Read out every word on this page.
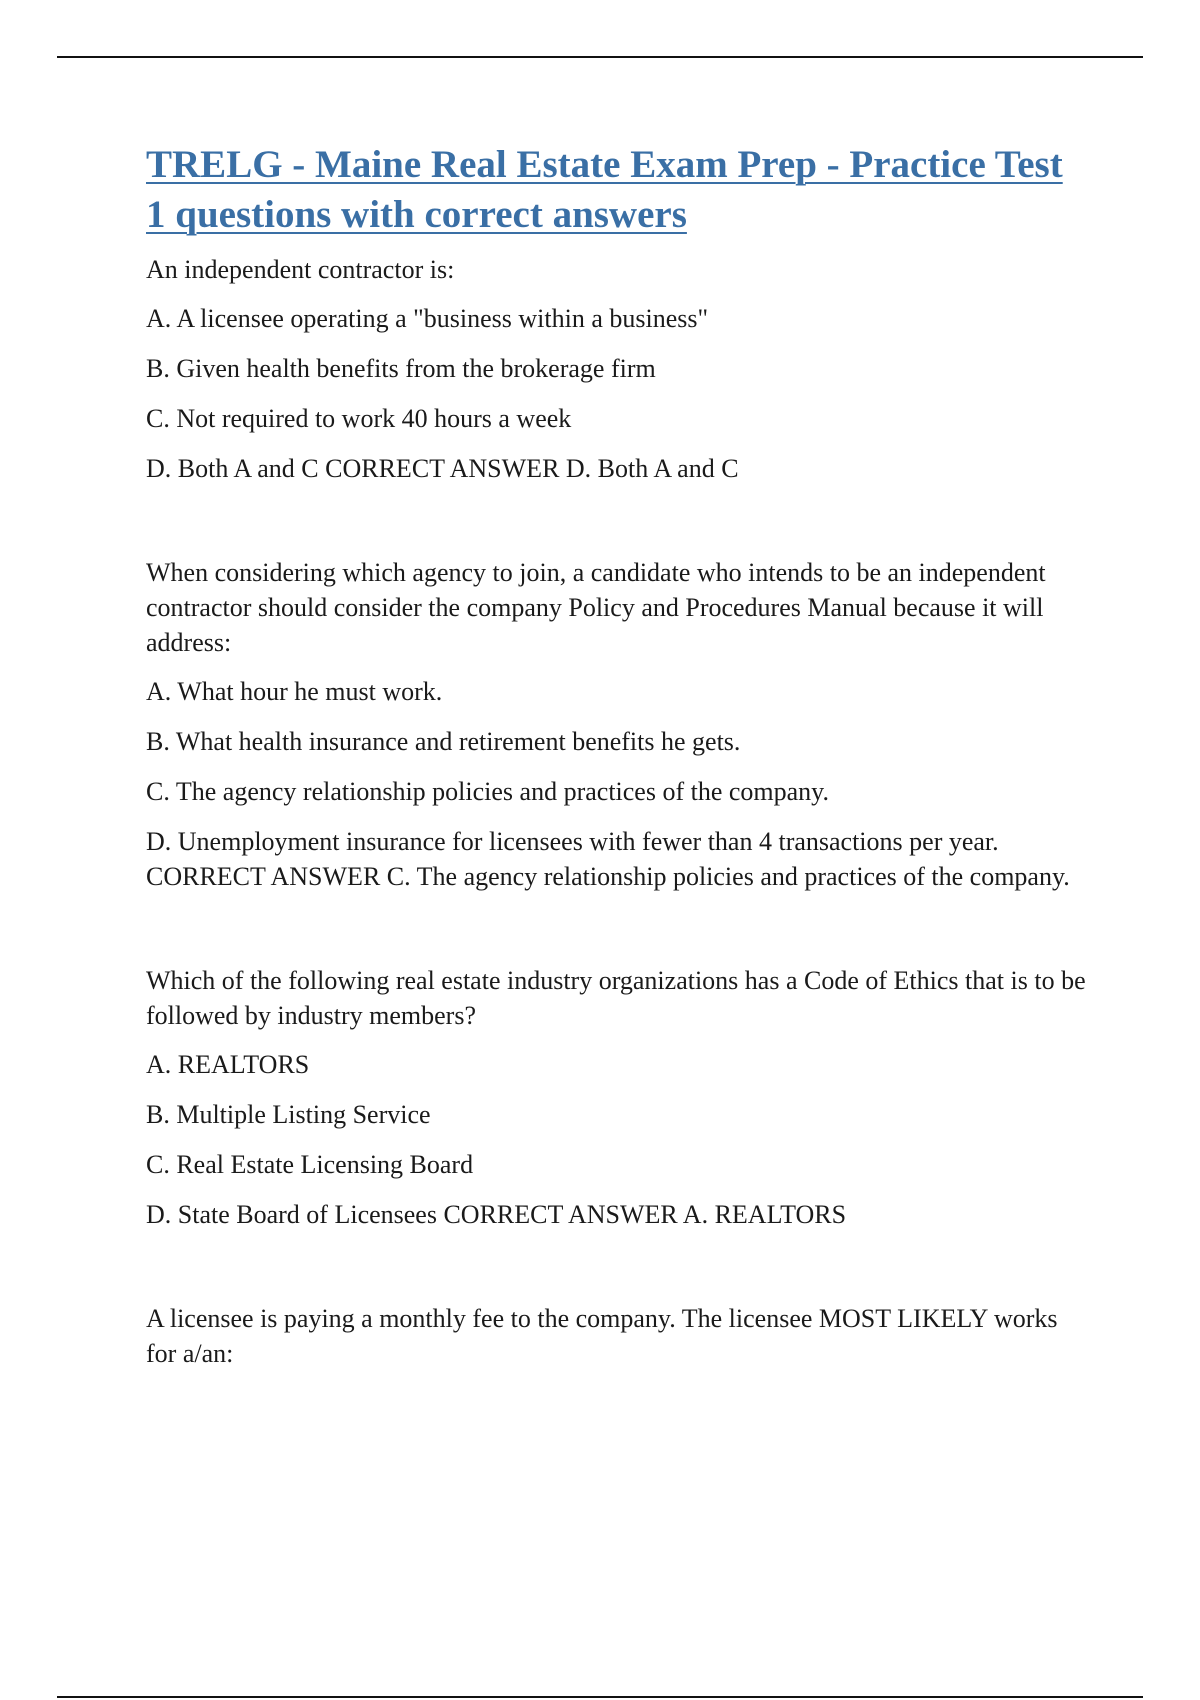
TRELG - Maine Real Estate Exam Prep - Practice Test 1 questions with correct answers

An independent contractor is:

A. A licensee operating a "business within a business"
B. Given health benefits from the brokerage firm
C. Not required to work 40 hours a week
D. Both A and C CORRECT ANSWER D. Both A and C

When considering which agency to join, a candidate who intends to be an independent contractor should consider the company Policy and Procedures Manual because it will address:

A. What hour he must work.
B. What health insurance and retirement benefits he gets.
C. The agency relationship policies and practices of the company.
D. Unemployment insurance for licensees with fewer than 4 transactions per year. CORRECT ANSWER C. The agency relationship policies and practices of the company.

Which of the following real estate industry organizations has a Code of Ethics that is to be followed by industry members?

A. REALTORS
B. Multiple Listing Service
C. Real Estate Licensing Board
D. State Board of Licensees CORRECT ANSWER A. REALTORS

A licensee is paying a monthly fee to the company. The licensee MOST LIKELY works for a/an:
